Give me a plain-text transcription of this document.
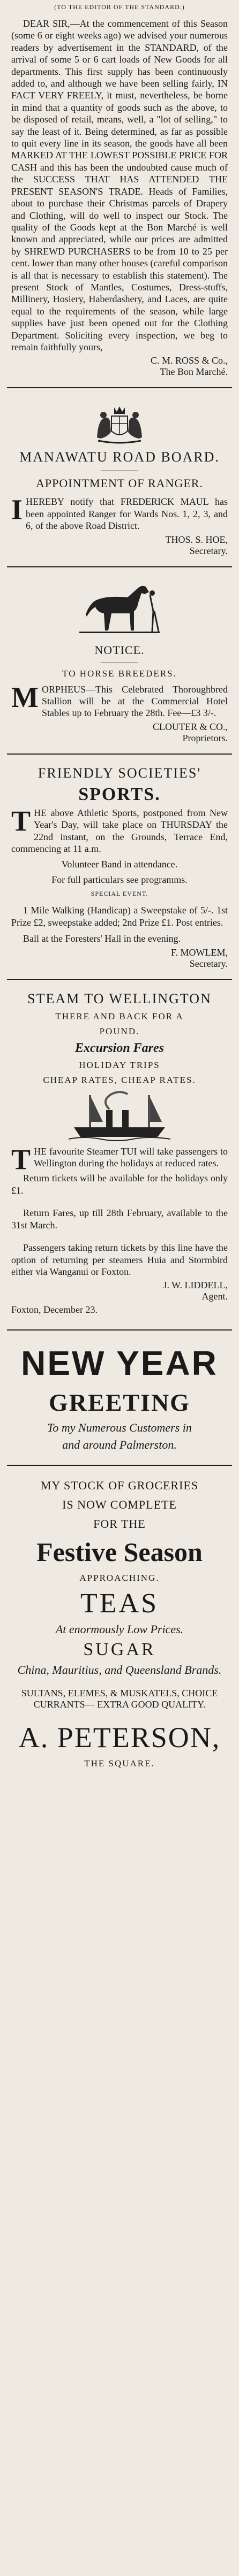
(TO THE EDITOR OF THE STANDARD.)

DEAR SIR,—At the commencement of this Season (some 6 or eight weeks ago) we advised your numerous readers by advertisement in the STANDARD, of the arrival of some 5 or 6 cart loads of New Goods for all departments. This first supply has been continuously added to, and although we have been selling fairly, IN FACT VERY FREELY, it must, nevertheless, be borne in mind that a quantity of goods such as the above, to be disposed of retail, means, well, a "lot of selling," to say the least of it. Being determined, as far as possible to quit every line in its season, the goods have all been MARKED AT THE LOWEST POSSIBLE PRICE FOR CASH and this has been the undoubted cause much of the SUCCESS THAT HAS ATTENDED THE PRESENT SEASON'S TRADE. Heads of Families, about to purchase their Christmas parcels of Drapery and Clothing, will do well to inspect our Stock. The quality of the Goods kept at the Bon Marché is well known and appreciated, while our prices are admitted by SHREWD PURCHASERS to be from 10 to 25 per cent. lower than many other houses (careful comparison is all that is necessary to establish this statement). The present Stock of Mantles, Costumes, Dress-stuffs, Millinery, Hosiery, Haberdashery, and Laces, are quite equal to the requirements of the season, while large supplies have just been opened out for the Clothing Department. Soliciting every inspection, we beg to remain faithfully yours,

C. M. ROSS & Co.,
The Bon Marché.
MANAWATU ROAD BOARD.
APPOINTMENT OF RANGER.
I HEREBY notify that FREDERICK MAUL has been appointed Ranger for Wards Nos. 1, 2, 3, and 6, of the above Road District.

THOS. S. HOE,
Secretary.
NOTICE.
TO HORSE BREEDERS.
M ORPHEUS—This Celebrated Thoroughbred Stallion will be at the Commercial Hotel Stables up to February the 28th. Fee—£3 3/-.

CLOUTER & CO.,
Proprietors.
FRIENDLY SOCIETIES'
SPORTS.
T HE above Athletic Sports, postponed from New Year's Day, will take place on THURSDAY the 22nd instant, on the Grounds, Terrace End, commencing at 11 a.m.

Volunteer Band in attendance.
For full particulars see programms.
SPECIAL EVENT.

1 Mile Walking (Handicap) a Sweepstake of 5/-. 1st Prize £2, sweepstake added; 2nd Prize £1. Post entries.

Ball at the Foresters' Hall in the evening.

F. MOWLEM,
Secretary.
STEAM TO WELLINGTON
THERE AND BACK FOR A
POUND.
Excursion Fares
HOLIDAY TRIPS
CHEAP RATES, CHEAP RATES.
T HE favourite Steamer TUI will take passengers to Wellington during the holidays at reduced rates.

Return tickets will be available for the holidays only £1.

Return Fares, up till 28th February, available to the 31st March.

Passengers taking return tickets by this line have the option of returning per steamers Huia and Stormbird either via Wanganui or Foxton.

J. W. LIDDELL,
Agent.
Foxton, December 23.
NEW YEAR
GREETING
To my Numerous Customers in
and around Palmerston.
MY STOCK OF GROCERIES
IS NOW COMPLETE
FOR THE
Festive Season
APPROACHING.
TEAS
At enormously Low Prices.
SUGAR
China, Mauritius, and Queensland Brands.
SULTANS, ELEMES, & MUSKATELS, CHOICE CURRANTS— EXTRA GOOD QUALITY.
A. PETERSON,
THE SQUARE.
